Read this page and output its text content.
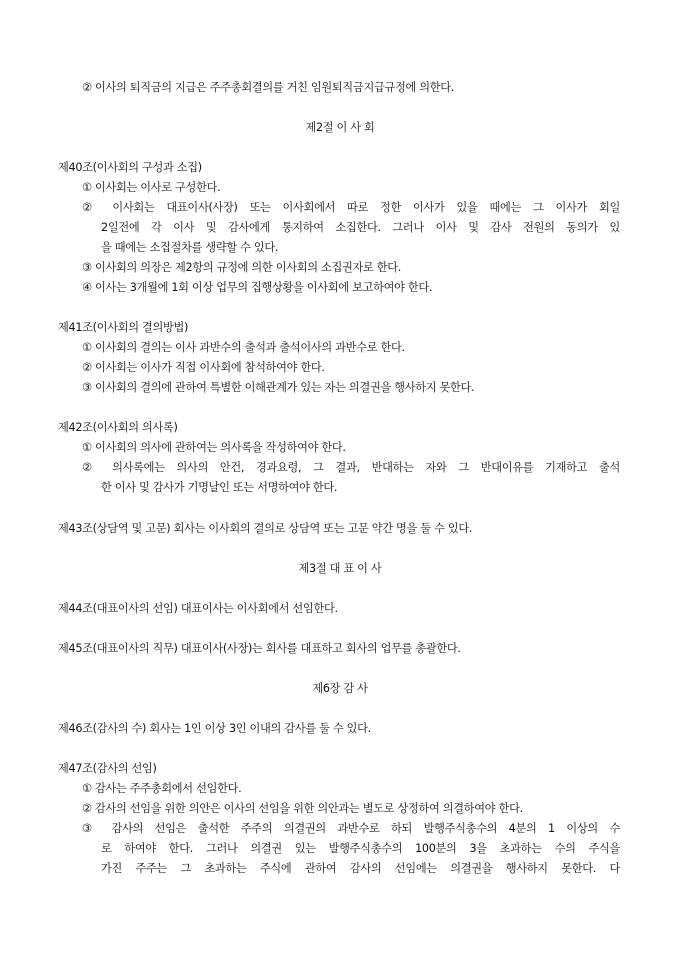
② 이사의 퇴직금의 지급은 주주총회결의를 거친 임원퇴직금지급규정에 의한다.
제2절 이 사 회
제40조(이사회의 구성과 소집)
① 이사회는 이사로 구성한다.
② 이사회는 대표이사(사장) 또는 이사회에서 따로 정한 이사가 있을 때에는 그 이사가 회일
2일전에 각 이사 및 감사에게 통지하여 소집한다. 그러나 이사 및 감사 전원의 동의가 있
을 때에는 소집절차를 생략할 수 있다.
③ 이사회의 의장은 제2항의 규정에 의한 이사회의 소집권자로 한다.
④ 이사는 3개월에 1회 이상 업무의 집행상황을 이사회에 보고하여야 한다.
제41조(이사회의 결의방법)
① 이사회의 결의는 이사 과반수의 출석과 출석이사의 과반수로 한다.
② 이사회는 이사가 직접 이사회에 참석하여야 한다.
③ 이사회의 결의에 관하여 특별한 이해관계가 있는 자는 의결권을 행사하지 못한다.
제42조(이사회의 의사록)
① 이사회의 의사에 관하여는 의사록을 작성하여야 한다.
② 의사록에는 의사의 안건, 경과요령, 그 결과, 반대하는 자와 그 반대이유를 기재하고 출석
한 이사 및 감사가 기명날인 또는 서명하여야 한다.
제43조(상담역 및 고문) 회사는 이사회의 결의로 상담역 또는 고문 약간 명을 둘 수 있다.
제3절 대 표 이 사
제44조(대표이사의 선임) 대표이사는 이사회에서 선임한다.
제45조(대표이사의 직무) 대표이사(사장)는 회사를 대표하고 회사의 업무를 총괄한다.
제6장 감 사
제46조(감사의 수) 회사는 1인 이상 3인 이내의 감사를 둘 수 있다.
제47조(감사의 선임)
① 감사는 주주총회에서 선임한다.
② 감사의 선임을 위한 의안은 이사의 선임을 위한 의안과는 별도로 상정하여 의결하여야 한다.
③ 감사의 선임은 출석한 주주의 의결권의 과반수로 하되 발행주식총수의 4분의 1 이상의 수
로 하여야 한다. 그러나 의결권 있는 발행주식총수의 100분의 3을 초과하는 수의 주식을
가진 주주는 그 초과하는 주식에 관하여 감사의 선임에는 의결권을 행사하지 못한다. 다
